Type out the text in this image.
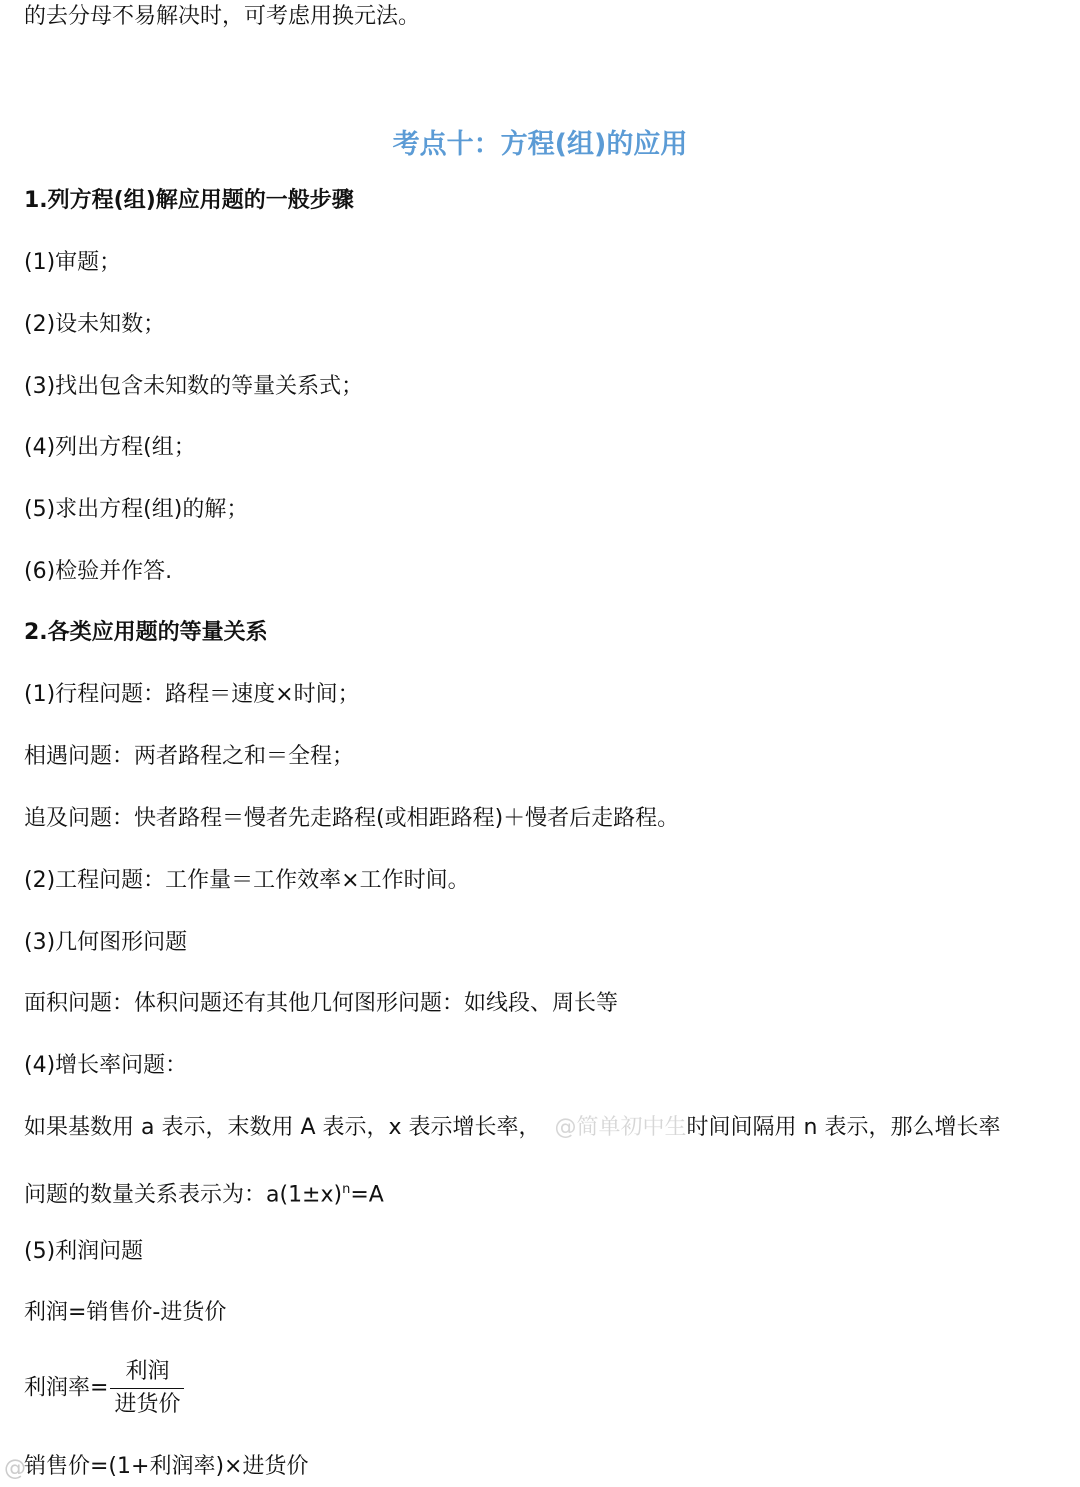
的去分母不易解决时，可考虑用换元法。
考点十：方程(组)的应用
1.列方程(组)解应用题的一般步骤
(1)审题；
(2)设未知数；
(3)找出包含未知数的等量关系式；
(4)列出方程(组；
(5)求出方程(组)的解；
(6)检验并作答.
2.各类应用题的等量关系
(1)行程问题：路程＝速度×时间；
相遇问题：两者路程之和＝全程；
追及问题：快者路程＝慢者先走路程(或相距路程)＋慢者后走路程。
(2)工程问题：工作量＝工作效率×工作时间。
(3)几何图形问题
面积问题：体积问题还有其他几何图形问题：如线段、周长等
(4)增长率问题：
如果基数用 a 表示，末数用 A 表示，x 表示增长率， @简单初中生时间间隔用 n 表示，那么增长率
问题的数量关系表示为：$a(1\pm x)^n=A$
(5)利润问题
利润=销售价-进货价
利润率= $\frac{\text{利润}}{\text{进货价}}$
销售价=(1+利润率)×进货价
@
